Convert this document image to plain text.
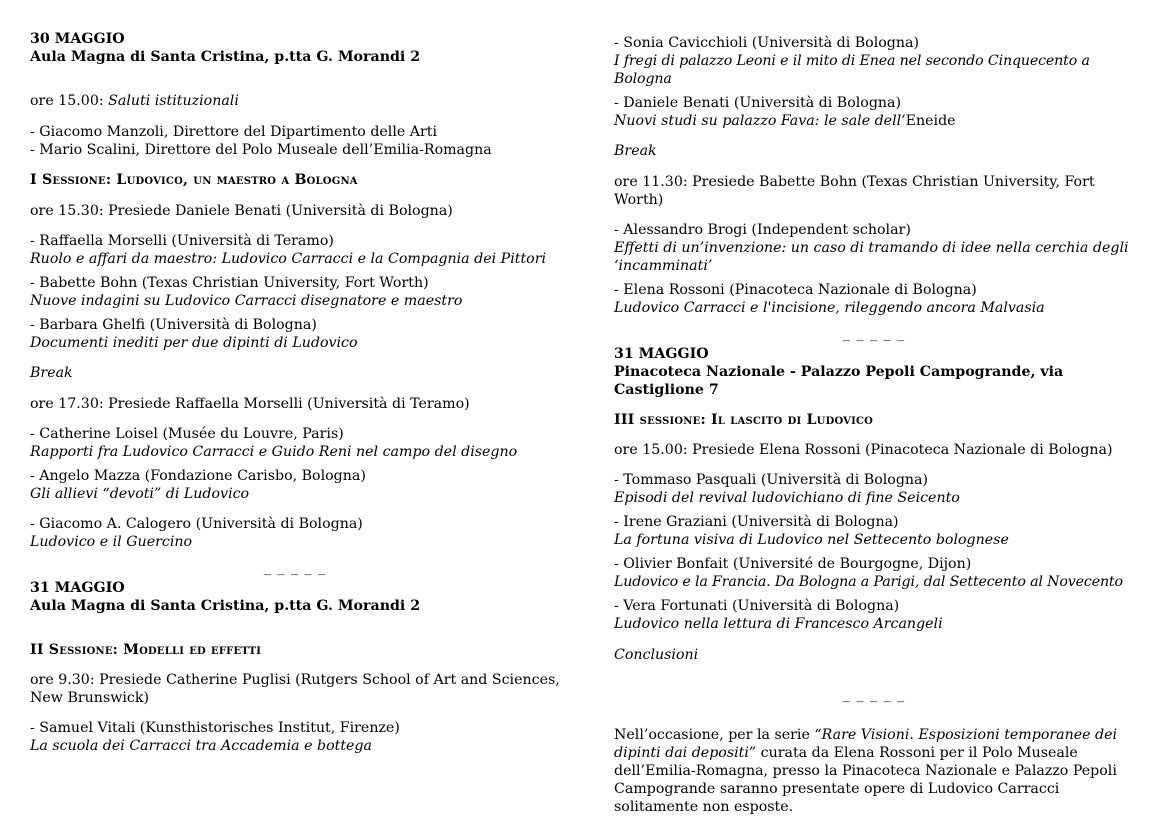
30 MAGGIO

Aula Magna di Santa Cristina, p.tta G. Morandi 2

ore 15.00: Saluti istituzionali

- Giacomo Manzoli, Direttore del Dipartimento delle Arti

- Mario Scalini, Direttore del Polo Museale dell’Emilia-Romagna

I Sessione: Ludovico, un maestro a Bologna

ore 15.30: Presiede Daniele Benati (Università di Bologna)

- Raffaella Morselli (Università di Teramo)

Ruolo e affari da maestro: Ludovico Carracci e la Compagnia dei Pittori

- Babette Bohn (Texas Christian University, Fort Worth)

Nuove indagini su Ludovico Carracci disegnatore e maestro

- Barbara Ghelfi (Università di Bologna)

Documenti inediti per due dipinti di Ludovico

Break

ore 17.30: Presiede Raffaella Morselli (Università di Teramo)

- Catherine Loisel (Musée du Louvre, Paris)

Rapporti fra Ludovico Carracci e Guido Reni nel campo del disegno

- Angelo Mazza (Fondazione Carisbo, Bologna)

Gli allievi “devoti” di Ludovico

- Giacomo A. Calogero (Università di Bologna)

Ludovico e il Guercino

_ _ _ _ _

31 MAGGIO

Aula Magna di Santa Cristina, p.tta G. Morandi 2

II Sessione: Modelli ed effetti

ore 9.30: Presiede Catherine Puglisi (Rutgers School of Art and Sciences, New Brunswick)

- Samuel Vitali (Kunsthistorisches Institut, Firenze)

La scuola dei Carracci tra Accademia e bottega

- Sonia Cavicchioli (Università di Bologna)

I fregi di palazzo Leoni e il mito di Enea nel secondo Cinquecento a Bologna

- Daniele Benati (Università di Bologna)

Nuovi studi su palazzo Fava: le sale dell’Eneide

Break

ore 11.30: Presiede Babette Bohn (Texas Christian University, Fort Worth)

- Alessandro Brogi (Independent scholar)

Effetti di un’invenzione: un caso di tramando di idee nella cerchia degli ‘incamminati’

- Elena Rossoni (Pinacoteca Nazionale di Bologna)

Ludovico Carracci e l'incisione, rileggendo ancora Malvasia

_ _ _ _ _

31 MAGGIO

Pinacoteca Nazionale - Palazzo Pepoli Campogrande, via Castiglione 7

III sessione: Il lascito di Ludovico

ore 15.00: Presiede Elena Rossoni (Pinacoteca Nazionale di Bologna)

- Tommaso Pasquali (Università di Bologna)

Episodi del revival ludovichiano di fine Seicento

- Irene Graziani (Università di Bologna)

La fortuna visiva di Ludovico nel Settecento bolognese

- Olivier Bonfait (Université de Bourgogne, Dijon)

Ludovico e la Francia. Da Bologna a Parigi, dal Settecento al Novecento

- Vera Fortunati (Università di Bologna)

Ludovico nella lettura di Francesco Arcangeli

Conclusioni

_ _ _ _ _

Nell’occasione, per la serie “Rare Visioni. Esposizioni temporanee dei dipinti dai depositi” curata da Elena Rossoni per il Polo Museale dell’Emilia-Romagna, presso la Pinacoteca Nazionale e Palazzo Pepoli Campogrande saranno presentate opere di Ludovico Carracci solitamente non esposte.
